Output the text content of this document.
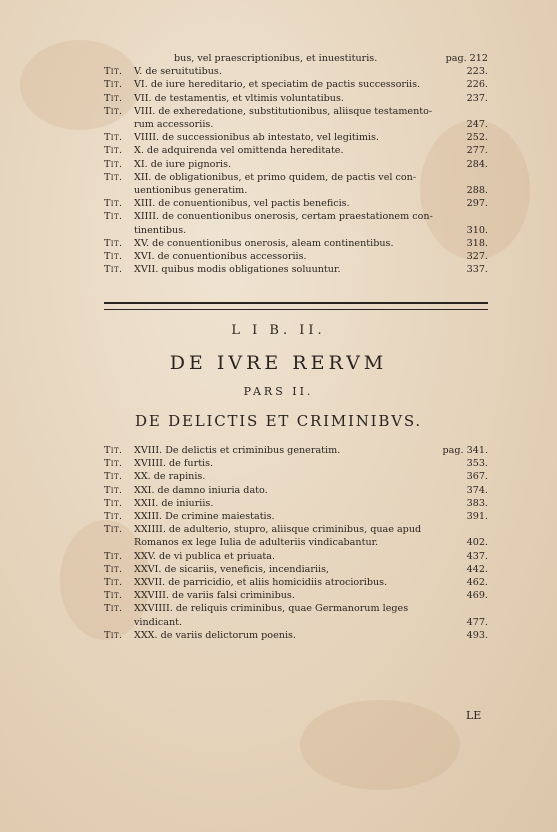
bus, vel praescriptionibus, et inuestituris.	pag. 212
Tit.	V. de seruitutibus.	223.
Tit.	VI. de iure hereditario, et speciatim de pactis successoriis.	226.
Tit.	VII. de testamentis, et vltimis voluntatibus.	237.
Tit.	VIII. de exheredatione, substitutionibus, aliisque testamento-
rum accessoriis.	247.
Tit.	VIIII. de successionibus ab intestato, vel legitimis.	252.
Tit.	X. de adquirenda vel omittenda hereditate.	277.
Tit.	XI. de iure pignoris.	284.
Tit.	XII. de obligationibus, et primo quidem, de pactis vel con-
uentionibus generatim.	288.
Tit.	XIII. de conuentionibus, vel pactis beneficis.	297.
Tit.	XIIII. de conuentionibus onerosis, certam praestationem con-
tinentibus.	310.
Tit.	XV. de conuentionibus onerosis, aleam continentibus.	318.
Tit.	XVI. de conuentionibus accessoriis.	327.
Tit.	XVII. quibus modis obligationes soluuntur.	337.
L I B. II.
DE IVRE RERVM
PARS II.
DE DELICTIS ET CRIMINIBVS.
Tit.	XVIII. De delictis et criminibus generatim.	pag. 341.
Tit.	XVIIII. de furtis.	353.
Tit.	XX. de rapinis.	367.
Tit.	XXI. de damno iniuria dato.	374.
Tit.	XXII. de iniuriis.	383.
Tit.	XXIII. De crimine maiestatis.	391.
Tit.	XXIIII. de adulterio, stupro, aliisque criminibus, quae apud
Romanos ex lege Iulia de adulteriis vindicabantur.	402.
Tit.	XXV. de vi publica et priuata.	437.
Tit.	XXVI. de sicariis, veneficis, incendiariis,	442.
Tit.	XXVII. de parricidio, et aliis homicidiis atrocioribus.	462.
Tit.	XXVIII. de variis falsi criminibus.	469.
Tit.	XXVIIII. de reliquis criminibus, quae Germanorum leges
vindicant.	477.
Tit.	XXX. de variis delictorum poenis.	493.
LE
